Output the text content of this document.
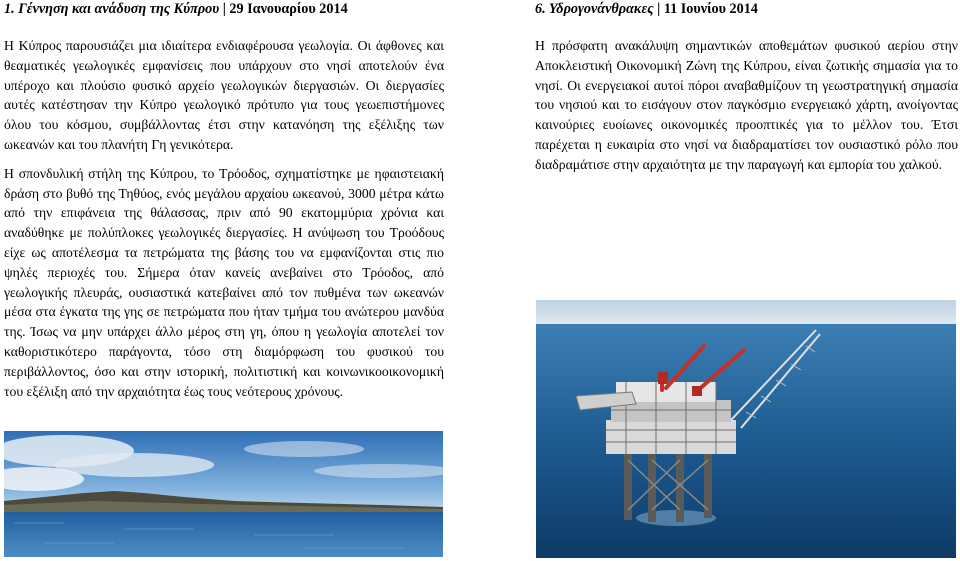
1. Γέννηση και ανάδυση της Κύπρου | 29 Ιανουαρίου 2014

Η Κύπρος παρουσιάζει μια ιδιαίτερα ενδιαφέρουσα γεωλογία. Οι άφθονες και θεαματικές γεωλογικές εμφανίσεις που υπάρχουν στο νησί αποτελούν ένα υπέροχο και πλούσιο φυσικό αρχείο γεωλογικών διεργασιών. Οι διεργασίες αυτές κατέστησαν την Κύπρο γεωλογικό πρότυπο για τους γεωεπιστήμονες όλου του κόσμου, συμβάλλοντας έτσι στην κατανόηση της εξέλιξης των ωκεανών και του πλανήτη Γη γενικότερα.

Η σπονδυλική στήλη της Κύπρου, το Τρόοδος, σχηματίστηκε με ηφαιστειακή δράση στο βυθό της Τηθύος, ενός μεγάλου αρχαίου ωκεανού, 3000 μέτρα κάτω από την επιφάνεια της θάλασσας, πριν από 90 εκατομμύρια χρόνια και αναδύθηκε με πολύπλοκες γεωλογικές διεργασίες. Η ανύψωση του Τροόδους είχε ως αποτέλεσμα τα πετρώματα της βάσης του να εμφανίζονται στις πιο ψηλές περιοχές του. Σήμερα όταν κανείς ανεβαίνει στο Τρόοδος, από γεωλογικής πλευράς, ουσιαστικά κατεβαίνει από τον πυθμένα των ωκεανών μέσα στα έγκατα της γης σε πετρώματα που ήταν τμήμα του ανώτερου μανδύα της. Ίσως να μην υπάρχει άλλο μέρος στη γη, όπου η γεωλογία αποτελεί τον καθοριστικότερο παράγοντα, τόσο στη διαμόρφωση του φυσικού του περιβάλλοντος, όσο και στην ιστορική, πολιτιστική και κοινωνικοοικονομική του εξέλιξη από την αρχαιότητα έως τους νεότερους χρόνους.

6. Υδρογονάνθρακες | 11 Ιουνίου 2014

Η πρόσφατη ανακάλυψη σημαντικών αποθεμάτων φυσικού αερίου στην Αποκλειστική Οικονομική Ζώνη της Κύπρου, είναι ζωτικής σημασία για το νησί. Οι ενεργειακοί αυτοί πόροι αναβαθμίζουν τη γεωστρατηγική σημασία του νησιού και το εισάγουν στον παγκόσμιο ενεργειακό χάρτη, ανοίγοντας καινούριες ευοίωνες οικονομικές προοπτικές για το μέλλον του. Έτσι παρέχεται η ευκαιρία στο νησί να διαδραματίσει τον ουσιαστικό ρόλο που διαδραμάτισε στην αρχαιότητα με την παραγωγή και εμπορία του χαλκού.
